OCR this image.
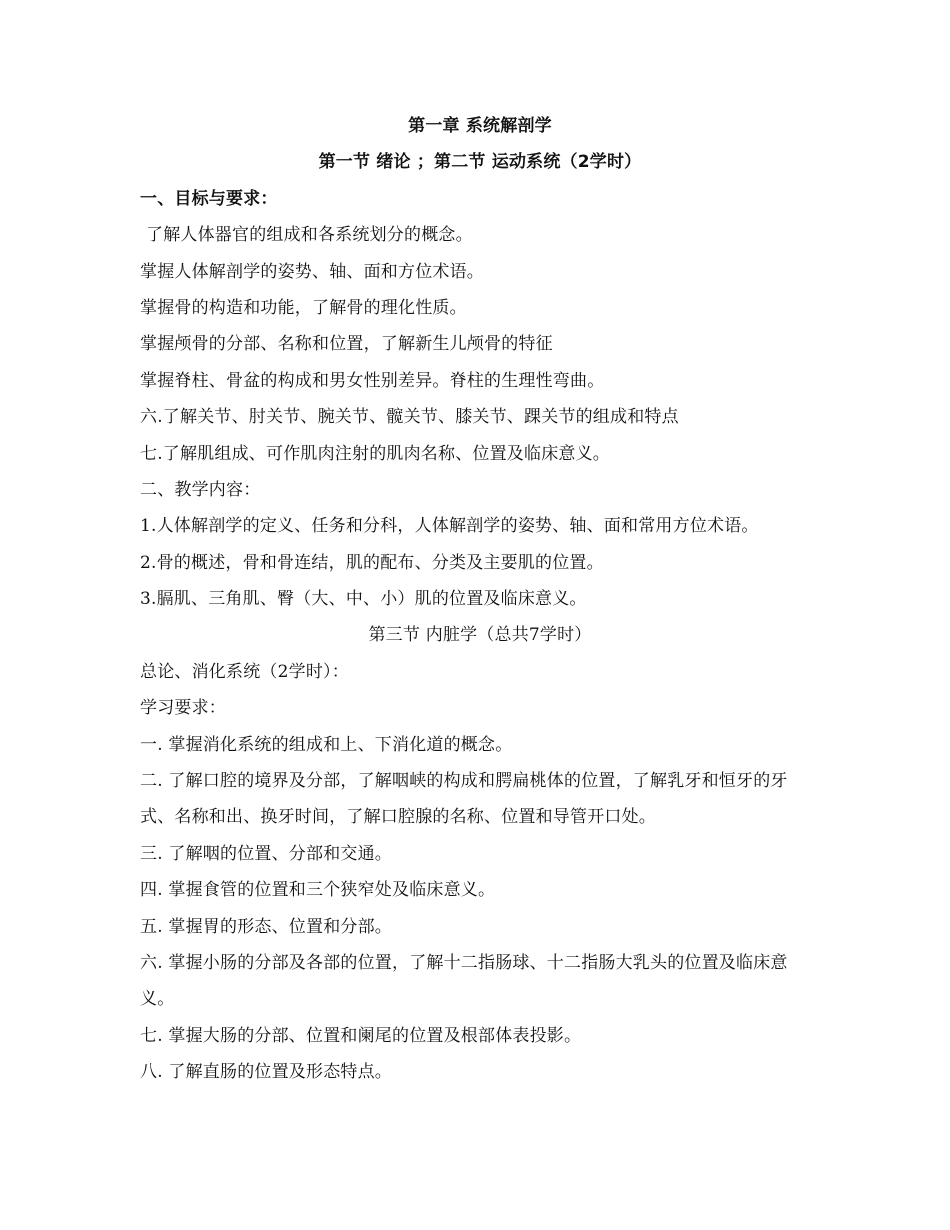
第一章 系统解剖学
第一节 绪论 ；第二节 运动系统（2学时）
一、目标与要求：
了解人体器官的组成和各系统划分的概念。
掌握人体解剖学的姿势、轴、面和方位术语。
掌握骨的构造和功能，了解骨的理化性质。
掌握颅骨的分部、名称和位置，了解新生儿颅骨的特征
掌握脊柱、骨盆的构成和男女性别差异。脊柱的生理性弯曲。
六.了解关节、肘关节、腕关节、髋关节、膝关节、踝关节的组成和特点
七.了解肌组成、可作肌肉注射的肌肉名称、位置及临床意义。
二、教学内容：
1.人体解剖学的定义、任务和分科，人体解剖学的姿势、轴、面和常用方位术语。
2.骨的概述，骨和骨连结，肌的配布、分类及主要肌的位置。
3.膈肌、三角肌、臀（大、中、小）肌的位置及临床意义。
第三节 内脏学（总共7学时）
总论、消化系统（2学时）：
学习要求：
一. 掌握消化系统的组成和上、下消化道的概念。
二. 了解口腔的境界及分部，了解咽峡的构成和腭扁桃体的位置，了解乳牙和恒牙的牙式、名称和出、换牙时间，了解口腔腺的名称、位置和导管开口处。
三. 了解咽的位置、分部和交通。
四. 掌握食管的位置和三个狭窄处及临床意义。
五. 掌握胃的形态、位置和分部。
六. 掌握小肠的分部及各部的位置，了解十二指肠球、十二指肠大乳头的位置及临床意义。
七. 掌握大肠的分部、位置和阑尾的位置及根部体表投影。
八. 了解直肠的位置及形态特点。
